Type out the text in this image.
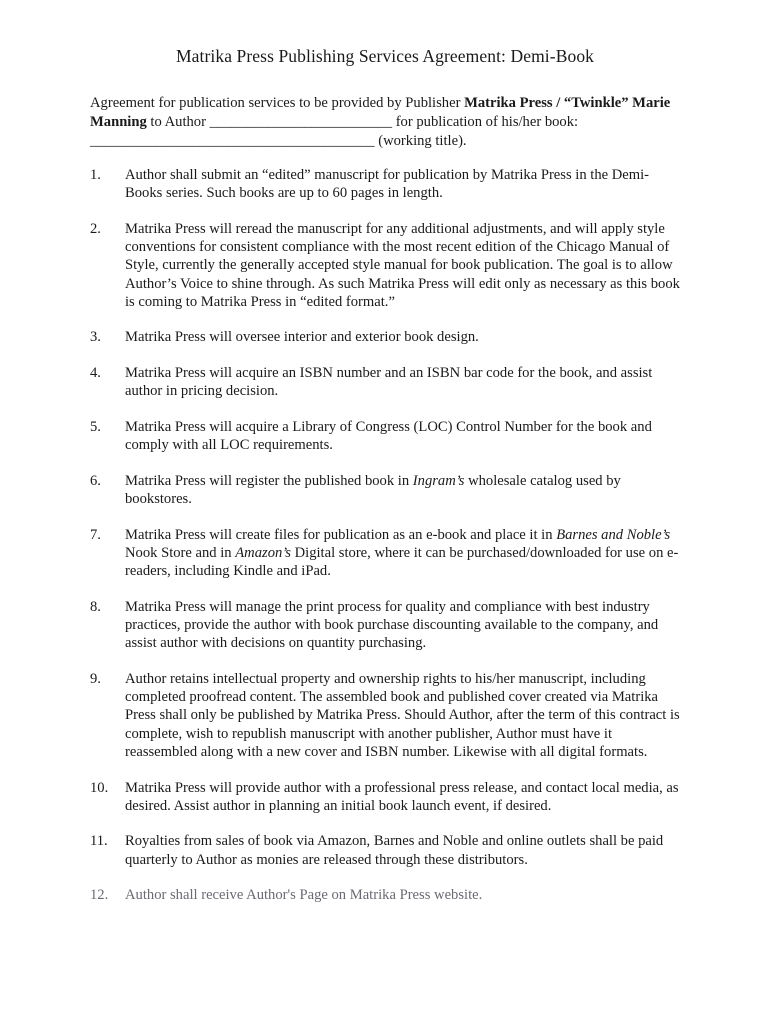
Matrika Press Publishing Services Agreement: Demi-Book
Agreement for publication services to be provided by Publisher Matrika Press / “Twinkle” Marie Manning to Author _________________________ for publication of his/her book:
_______________________________________ (working title).
1.	Author shall submit an “edited” manuscript for publication by Matrika Press in the Demi-Books series. Such books are up to 60 pages in length.
2.	Matrika Press will reread the manuscript for any additional adjustments, and will apply style conventions for consistent compliance with the most recent edition of the Chicago Manual of Style, currently the generally accepted style manual for book publication. The goal is to allow Author’s Voice to shine through. As such Matrika Press will edit only as necessary as this book is coming to Matrika Press in “edited format.”
3.	Matrika Press will oversee interior and exterior book design.
4.	Matrika Press will acquire an ISBN number and an ISBN bar code for the book, and assist author in pricing decision.
5.	Matrika Press will acquire a Library of Congress (LOC) Control Number for the book and comply with all LOC requirements.
6.	Matrika Press will register the published book in Ingram’s wholesale catalog used by bookstores.
7.	Matrika Press will create files for publication as an e-book and place it in Barnes and Noble’s Nook Store and in Amazon’s Digital store, where it can be purchased/downloaded for use on e-readers, including Kindle and iPad.
8.	Matrika Press will manage the print process for quality and compliance with best industry practices, provide the author with book purchase discounting available to the company, and assist author with decisions on quantity purchasing.
9.	Author retains intellectual property and ownership rights to his/her manuscript, including completed proofread content. The assembled book and published cover created via Matrika Press shall only be published by Matrika Press. Should Author, after the term of this contract is complete, wish to republish manuscript with another publisher, Author must have it reassembled along with a new cover and ISBN number. Likewise with all digital formats.
10.	Matrika Press will provide author with a professional press release, and contact local media, as desired. Assist author in planning an initial book launch event, if desired.
11.	Royalties from sales of book via Amazon, Barnes and Noble and online outlets shall be paid quarterly to Author as monies are released through these distributors.
12.	Author shall receive Author's Page on Matrika Press website.
